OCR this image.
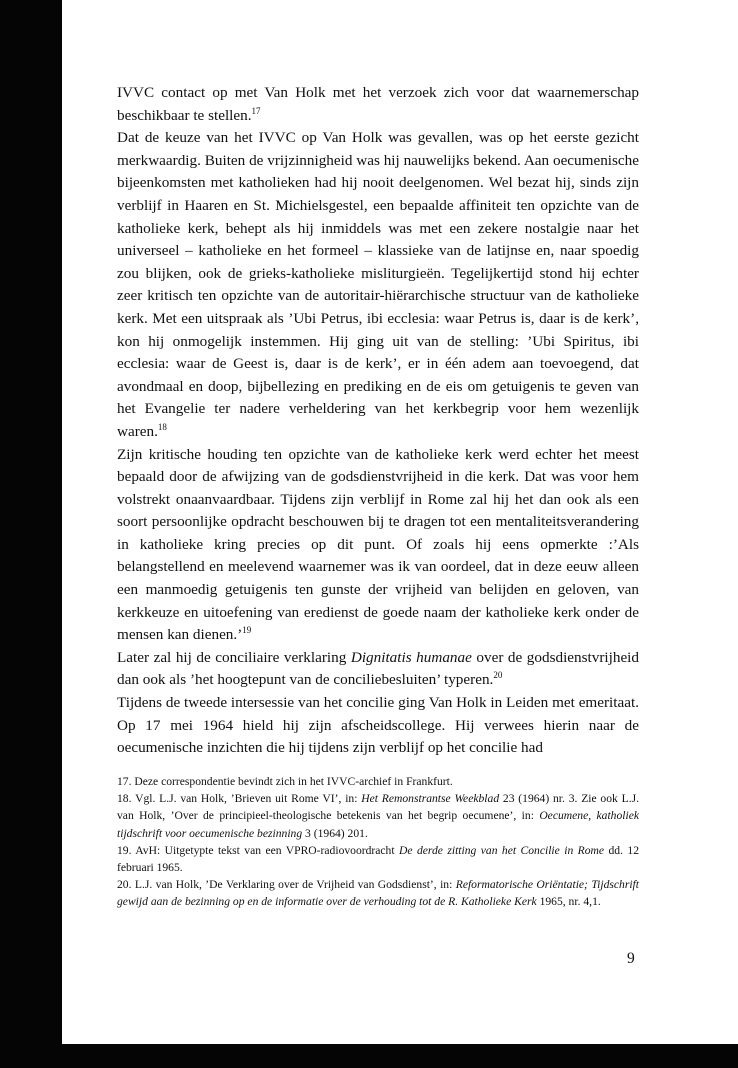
IVVC contact op met Van Holk met het verzoek zich voor dat waarnemerschap beschikbaar te stellen.$^{17}$

Dat de keuze van het IVVC op Van Holk was gevallen, was op het eerste gezicht merkwaardig. Buiten de vrijzinnigheid was hij nauwelijks bekend. Aan oecumenische bijeenkomsten met katholieken had hij nooit deelgenomen. Wel bezat hij, sinds zijn verblijf in Haaren en St. Michielsgestel, een bepaalde affiniteit ten opzichte van de katholieke kerk, behept als hij inmiddels was met een zekere nostalgie naar het universeel – katholieke en het formeel – klassieke van de latijnse en, naar spoedig zou blijken, ook de grieks-katholieke misliturgieën. Tegelijkertijd stond hij echter zeer kritisch ten opzichte van de autoritair-hiërarchische structuur van de katholieke kerk. Met een uitspraak als ’Ubi Petrus, ibi ecclesia: waar Petrus is, daar is de kerk’, kon hij onmogelijk instemmen. Hij ging uit van de stelling: ’Ubi Spiritus, ibi ecclesia: waar de Geest is, daar is de kerk’, er in één adem aan toevoegend, dat avondmaal en doop, bijbellezing en prediking en de eis om getuigenis te geven van het Evangelie ter nadere verheldering van het kerkbegrip voor hem wezenlijk waren.$^{18}$

Zijn kritische houding ten opzichte van de katholieke kerk werd echter het meest bepaald door de afwijzing van de godsdienstvrijheid in die kerk. Dat was voor hem volstrekt onaanvaardbaar. Tijdens zijn verblijf in Rome zal hij het dan ook als een soort persoonlijke opdracht beschouwen bij te dragen tot een mentaliteitsverandering in katholieke kring precies op dit punt. Of zoals hij eens opmerkte :’Als belangstellend en meelevend waarnemer was ik van oordeel, dat in deze eeuw alleen een manmoedig getuigenis ten gunste der vrijheid van belijden en geloven, van kerkkeuze en uitoefening van eredienst de goede naam der katholieke kerk onder de mensen kan dienen.’$^{19}$

Later zal hij de conciliaire verklaring Dignitatis humanae over de godsdienstvrijheid dan ook als ’het hoogtepunt van de conciliebesluiten’ typeren.$^{20}$

Tijdens de tweede intersessie van het concilie ging Van Holk in Leiden met emeritaat. Op 17 mei 1964 hield hij zijn afscheidscollege. Hij verwees hierin naar de oecumenische inzichten die hij tijdens zijn verblijf op het concilie had

17. Deze correspondentie bevindt zich in het IVVC-archief in Frankfurt.

18. Vgl. L.J. van Holk, ’Brieven uit Rome VI’, in: Het Remonstrantse Weekblad 23 (1964) nr. 3. Zie ook L.J. van Holk, ’Over de principieel-theologische betekenis van het begrip oecumene’, in: Oecumene, katholiek tijdschrift voor oecumenische bezinning 3 (1964) 201.

19. AvH: Uitgetypte tekst van een VPRO-radiovoordracht De derde zitting van het Concilie in Rome dd. 12 februari 1965.

20. L.J. van Holk, ’De Verklaring over de Vrijheid van Godsdienst’, in: Reformatorische Oriëntatie; Tijdschrift gewijd aan de bezinning op en de informatie over de verhouding tot de R. Katholieke Kerk 1965, nr. 4,1.

9
